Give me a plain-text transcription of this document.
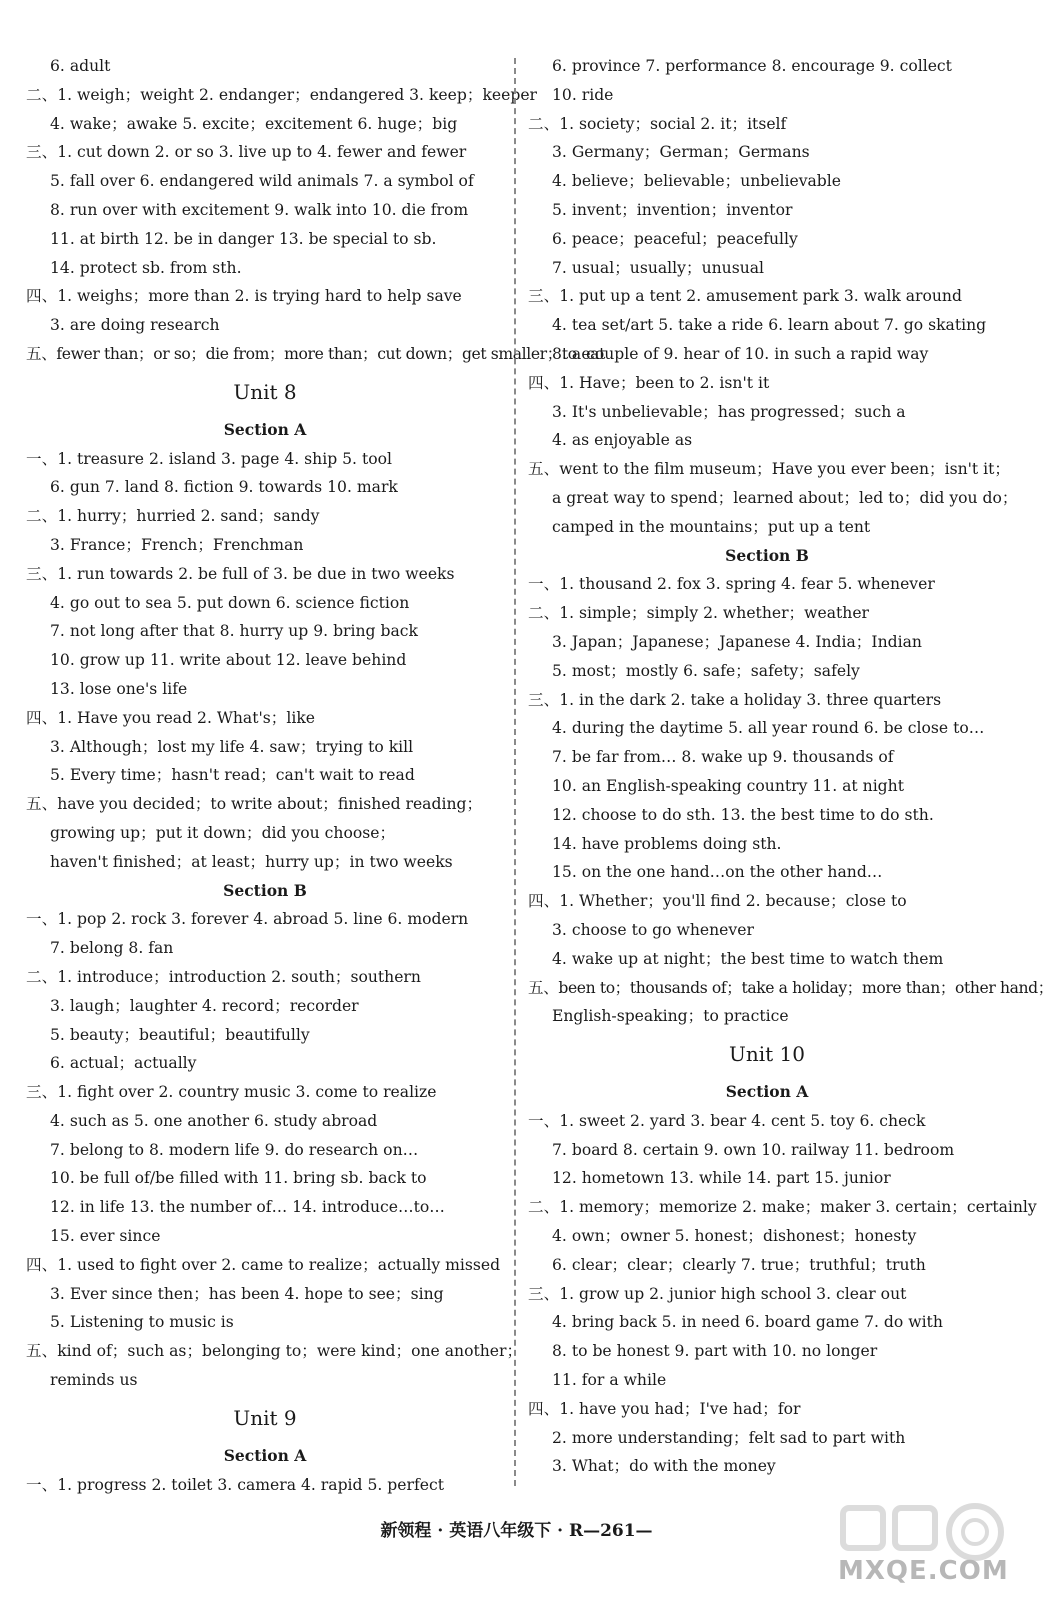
6. adult
二、1. weigh；weight 2. endanger；endangered 3. keep；keeper
4. wake；awake 5. excite；excitement 6. huge；big
三、1. cut down 2. or so 3. live up to 4. fewer and fewer
5. fall over 6. endangered wild animals 7. a symbol of
8. run over with excitement 9. walk into 10. die from
11. at birth 12. be in danger 13. be special to sb.
14. protect sb. from sth.
四、1. weighs；more than 2. is trying hard to help save
3. are doing research
五、fewer than；or so；die from；more than；cut down；get smaller；to eat
Unit 8
Section A
一、1. treasure 2. island 3. page 4. ship 5. tool
6. gun 7. land 8. fiction 9. towards 10. mark
二、1. hurry；hurried 2. sand；sandy
3. France；French；Frenchman
三、1. run towards 2. be full of 3. be due in two weeks
4. go out to sea 5. put down 6. science fiction
7. not long after that 8. hurry up 9. bring back
10. grow up 11. write about 12. leave behind
13. lose one's life
四、1. Have you read 2. What's；like
3. Although；lost my life 4. saw；trying to kill
5. Every time；hasn't read；can't wait to read
五、have you decided；to write about；finished reading；
growing up；put it down；did you choose；
haven't finished；at least；hurry up；in two weeks
Section B
一、1. pop 2. rock 3. forever 4. abroad 5. line 6. modern
7. belong 8. fan
二、1. introduce；introduction 2. south；southern
3. laugh；laughter 4. record；recorder
5. beauty；beautiful；beautifully
6. actual；actually
三、1. fight over 2. country music 3. come to realize
4. such as 5. one another 6. study abroad
7. belong to 8. modern life 9. do research on…
10. be full of/be filled with 11. bring sb. back to
12. in life 13. the number of… 14. introduce…to…
15. ever since
四、1. used to fight over 2. came to realize；actually missed
3. Ever since then；has been 4. hope to see；sing
5. Listening to music is
五、kind of；such as；belonging to；were kind；one another；
reminds us
Unit 9
Section A
一、1. progress 2. toilet 3. camera 4. rapid 5. perfect
6. province 7. performance 8. encourage 9. collect
10. ride
二、1. society；social 2. it；itself
3. Germany；German；Germans
4. believe；believable；unbelievable
5. invent；invention；inventor
6. peace；peaceful；peacefully
7. usual；usually；unusual
三、1. put up a tent 2. amusement park 3. walk around
4. tea set/art 5. take a ride 6. learn about 7. go skating
8. a couple of 9. hear of 10. in such a rapid way
四、1. Have；been to 2. isn't it
3. It's unbelievable；has progressed；such a
4. as enjoyable as
五、went to the film museum；Have you ever been；isn't it；
a great way to spend；learned about；led to；did you do；
camped in the mountains；put up a tent
Section B
一、1. thousand 2. fox 3. spring 4. fear 5. whenever
二、1. simple；simply 2. whether；weather
3. Japan；Japanese；Japanese 4. India；Indian
5. most；mostly 6. safe；safety；safely
三、1. in the dark 2. take a holiday 3. three quarters
4. during the daytime 5. all year round 6. be close to…
7. be far from… 8. wake up 9. thousands of
10. an English-speaking country 11. at night
12. choose to do sth. 13. the best time to do sth.
14. have problems doing sth.
15. on the one hand…on the other hand…
四、1. Whether；you'll find 2. because；close to
3. choose to go whenever
4. wake up at night；the best time to watch them
五、been to；thousands of；take a holiday；more than；other hand；
English-speaking；to practice
Unit 10
Section A
一、1. sweet 2. yard 3. bear 4. cent 5. toy 6. check
7. board 8. certain 9. own 10. railway 11. bedroom
12. hometown 13. while 14. part 15. junior
二、1. memory；memorize 2. make；maker 3. certain；certainly
4. own；owner 5. honest；dishonest；honesty
6. clear；clear；clearly 7. true；truthful；truth
三、1. grow up 2. junior high school 3. clear out
4. bring back 5. in need 6. board game 7. do with
8. to be honest 9. part with 10. no longer
11. for a while
四、1. have you had；I've had；for
2. more understanding；felt sad to part with
3. What；do with the money
新领程 · 英语八年级下 · R—261—
MXQE.COM
